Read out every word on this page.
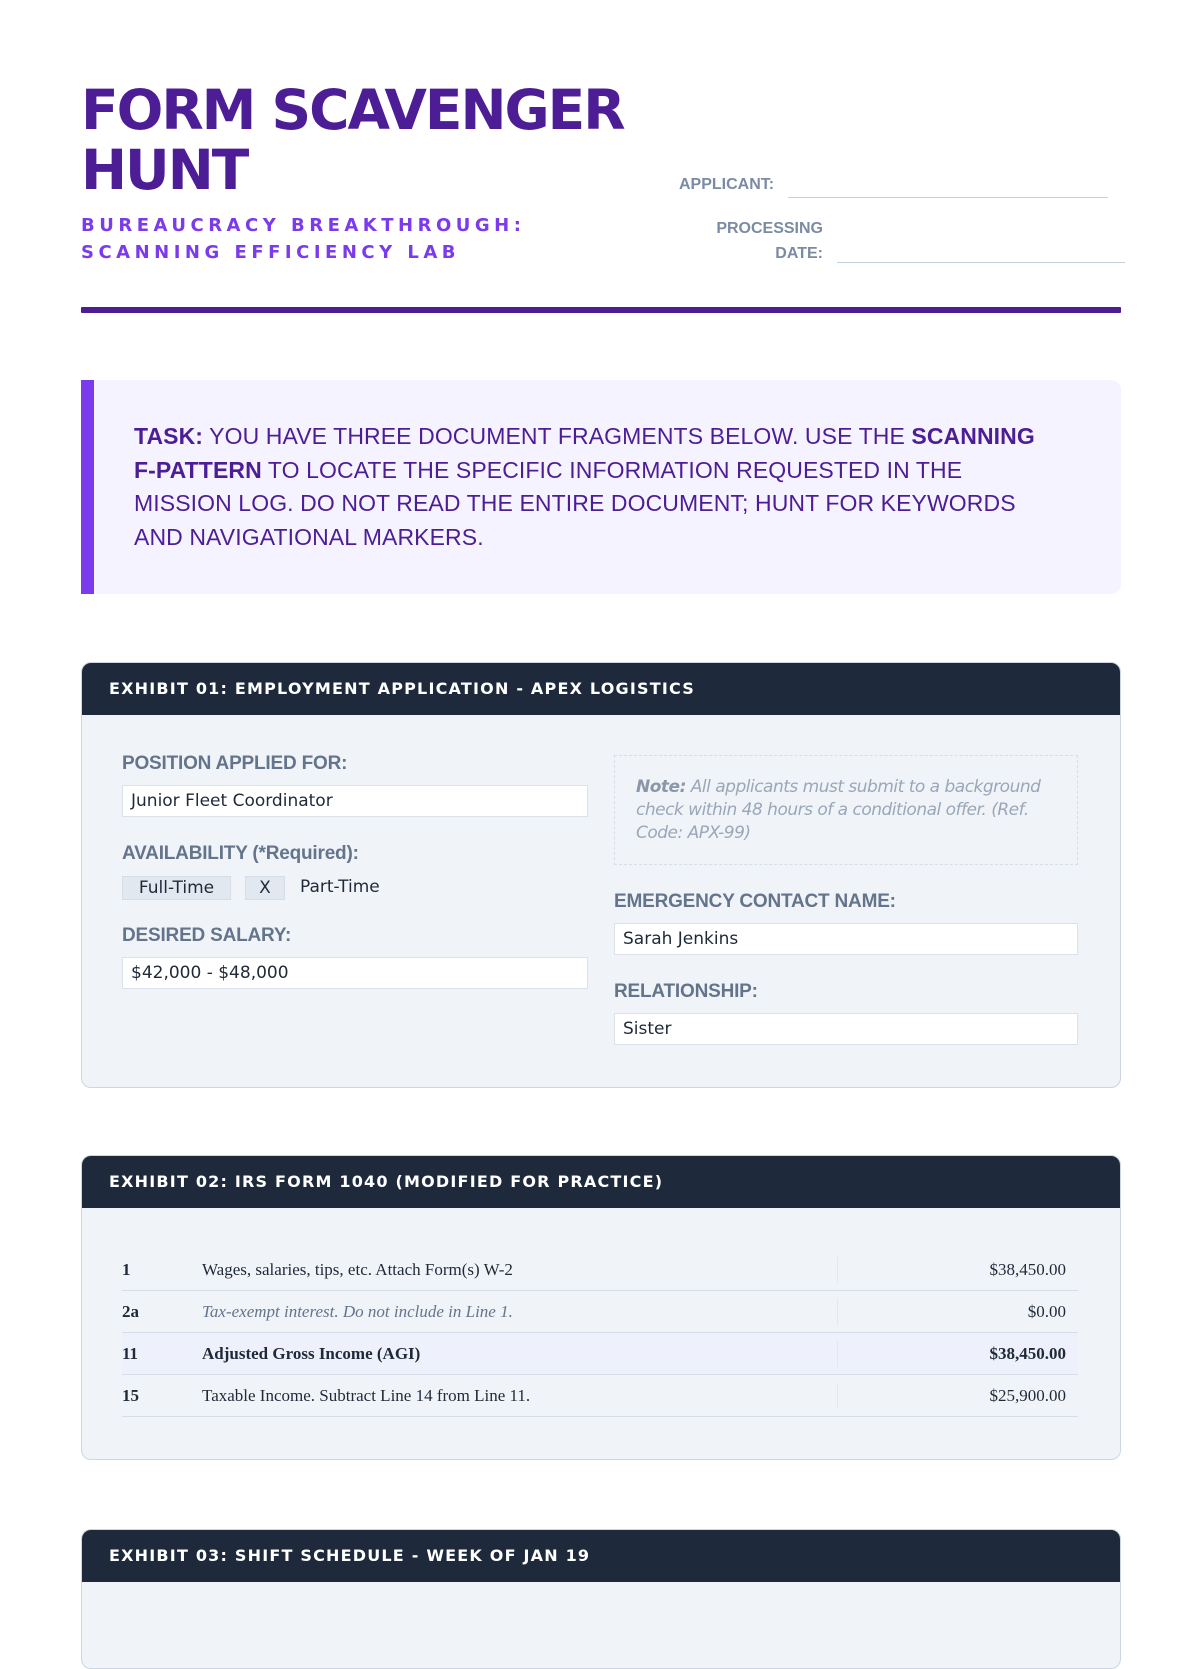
FORM SCAVENGER HUNT
BUREAUCRACY BREAKTHROUGH: SCANNING EFFICIENCY LAB
APPLICANT:
PROCESSING
DATE:
TASK: YOU HAVE THREE DOCUMENT FRAGMENTS BELOW. USE THE SCANNING F-PATTERN TO LOCATE THE SPECIFIC INFORMATION REQUESTED IN THE MISSION LOG. DO NOT READ THE ENTIRE DOCUMENT; HUNT FOR KEYWORDS AND NAVIGATIONAL MARKERS.
EXHIBIT 01: EMPLOYMENT APPLICATION - APEX LOGISTICS
POSITION APPLIED FOR:
Junior Fleet Coordinator
AVAILABILITY (*Required):
Full-Time	X	Part-Time
DESIRED SALARY:
$42,000 - $48,000
Note: All applicants must submit to a background check within 48 hours of a conditional offer. (Ref. Code: APX-99)
EMERGENCY CONTACT NAME:
Sarah Jenkins
RELATIONSHIP:
Sister
EXHIBIT 02: IRS FORM 1040 (MODIFIED FOR PRACTICE)
1	Wages, salaries, tips, etc. Attach Form(s) W-2	$38,450.00
2a	Tax-exempt interest. Do not include in Line 1.	$0.00
11	Adjusted Gross Income (AGI)	$38,450.00
15	Taxable Income. Subtract Line 14 from Line 11.	$25,900.00
EXHIBIT 03: SHIFT SCHEDULE - WEEK OF JAN 19
